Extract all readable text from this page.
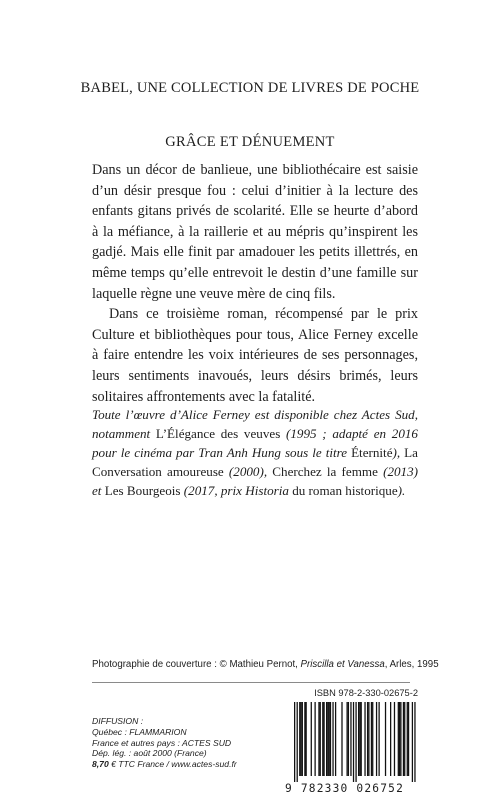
BABEL, UNE COLLECTION DE LIVRES DE POCHE
GRÂCE ET DÉNUEMENT

Dans un décor de banlieue, une bibliothécaire est saisie d’un désir presque fou : celui d’initier à la lecture des enfants gitans privés de scolarité. Elle se heurte d’abord à la méfiance, à la raillerie et au mépris qu’inspirent les gadjé. Mais elle finit par amadouer les petits illettrés, en même temps qu’elle entrevoit le destin d’une famille sur laquelle règne une veuve mère de cinq fils.

Dans ce troisième roman, récompensé par le prix Culture et bibliothèques pour tous, Alice Ferney excelle à faire entendre les voix intérieures de ses personnages, leurs sentiments inavoués, leurs désirs brimés, leurs solitaires affrontements avec la fatalité.

Toute l’œuvre d’Alice Ferney est disponible chez Actes Sud, notamment L’Élégance des veuves (1995 ; adapté en 2016 pour le cinéma par Tran Anh Hung sous le titre Éternité), La Conversation amoureuse (2000), Cherchez la femme (2013) et Les Bourgeois (2017, prix Historia du roman historique).

Photographie de couverture : © Mathieu Pernot, Priscilla et Vanessa, Arles, 1995
ISBN 978-2-330-02675-2
DIFFUSION :
Québec : FLAMMARION
France et autres pays : ACTES SUD
Dép. lég. : août 2000 (France)
8,70 € TTC France / www.actes-sud.fr
9 782330 026752
